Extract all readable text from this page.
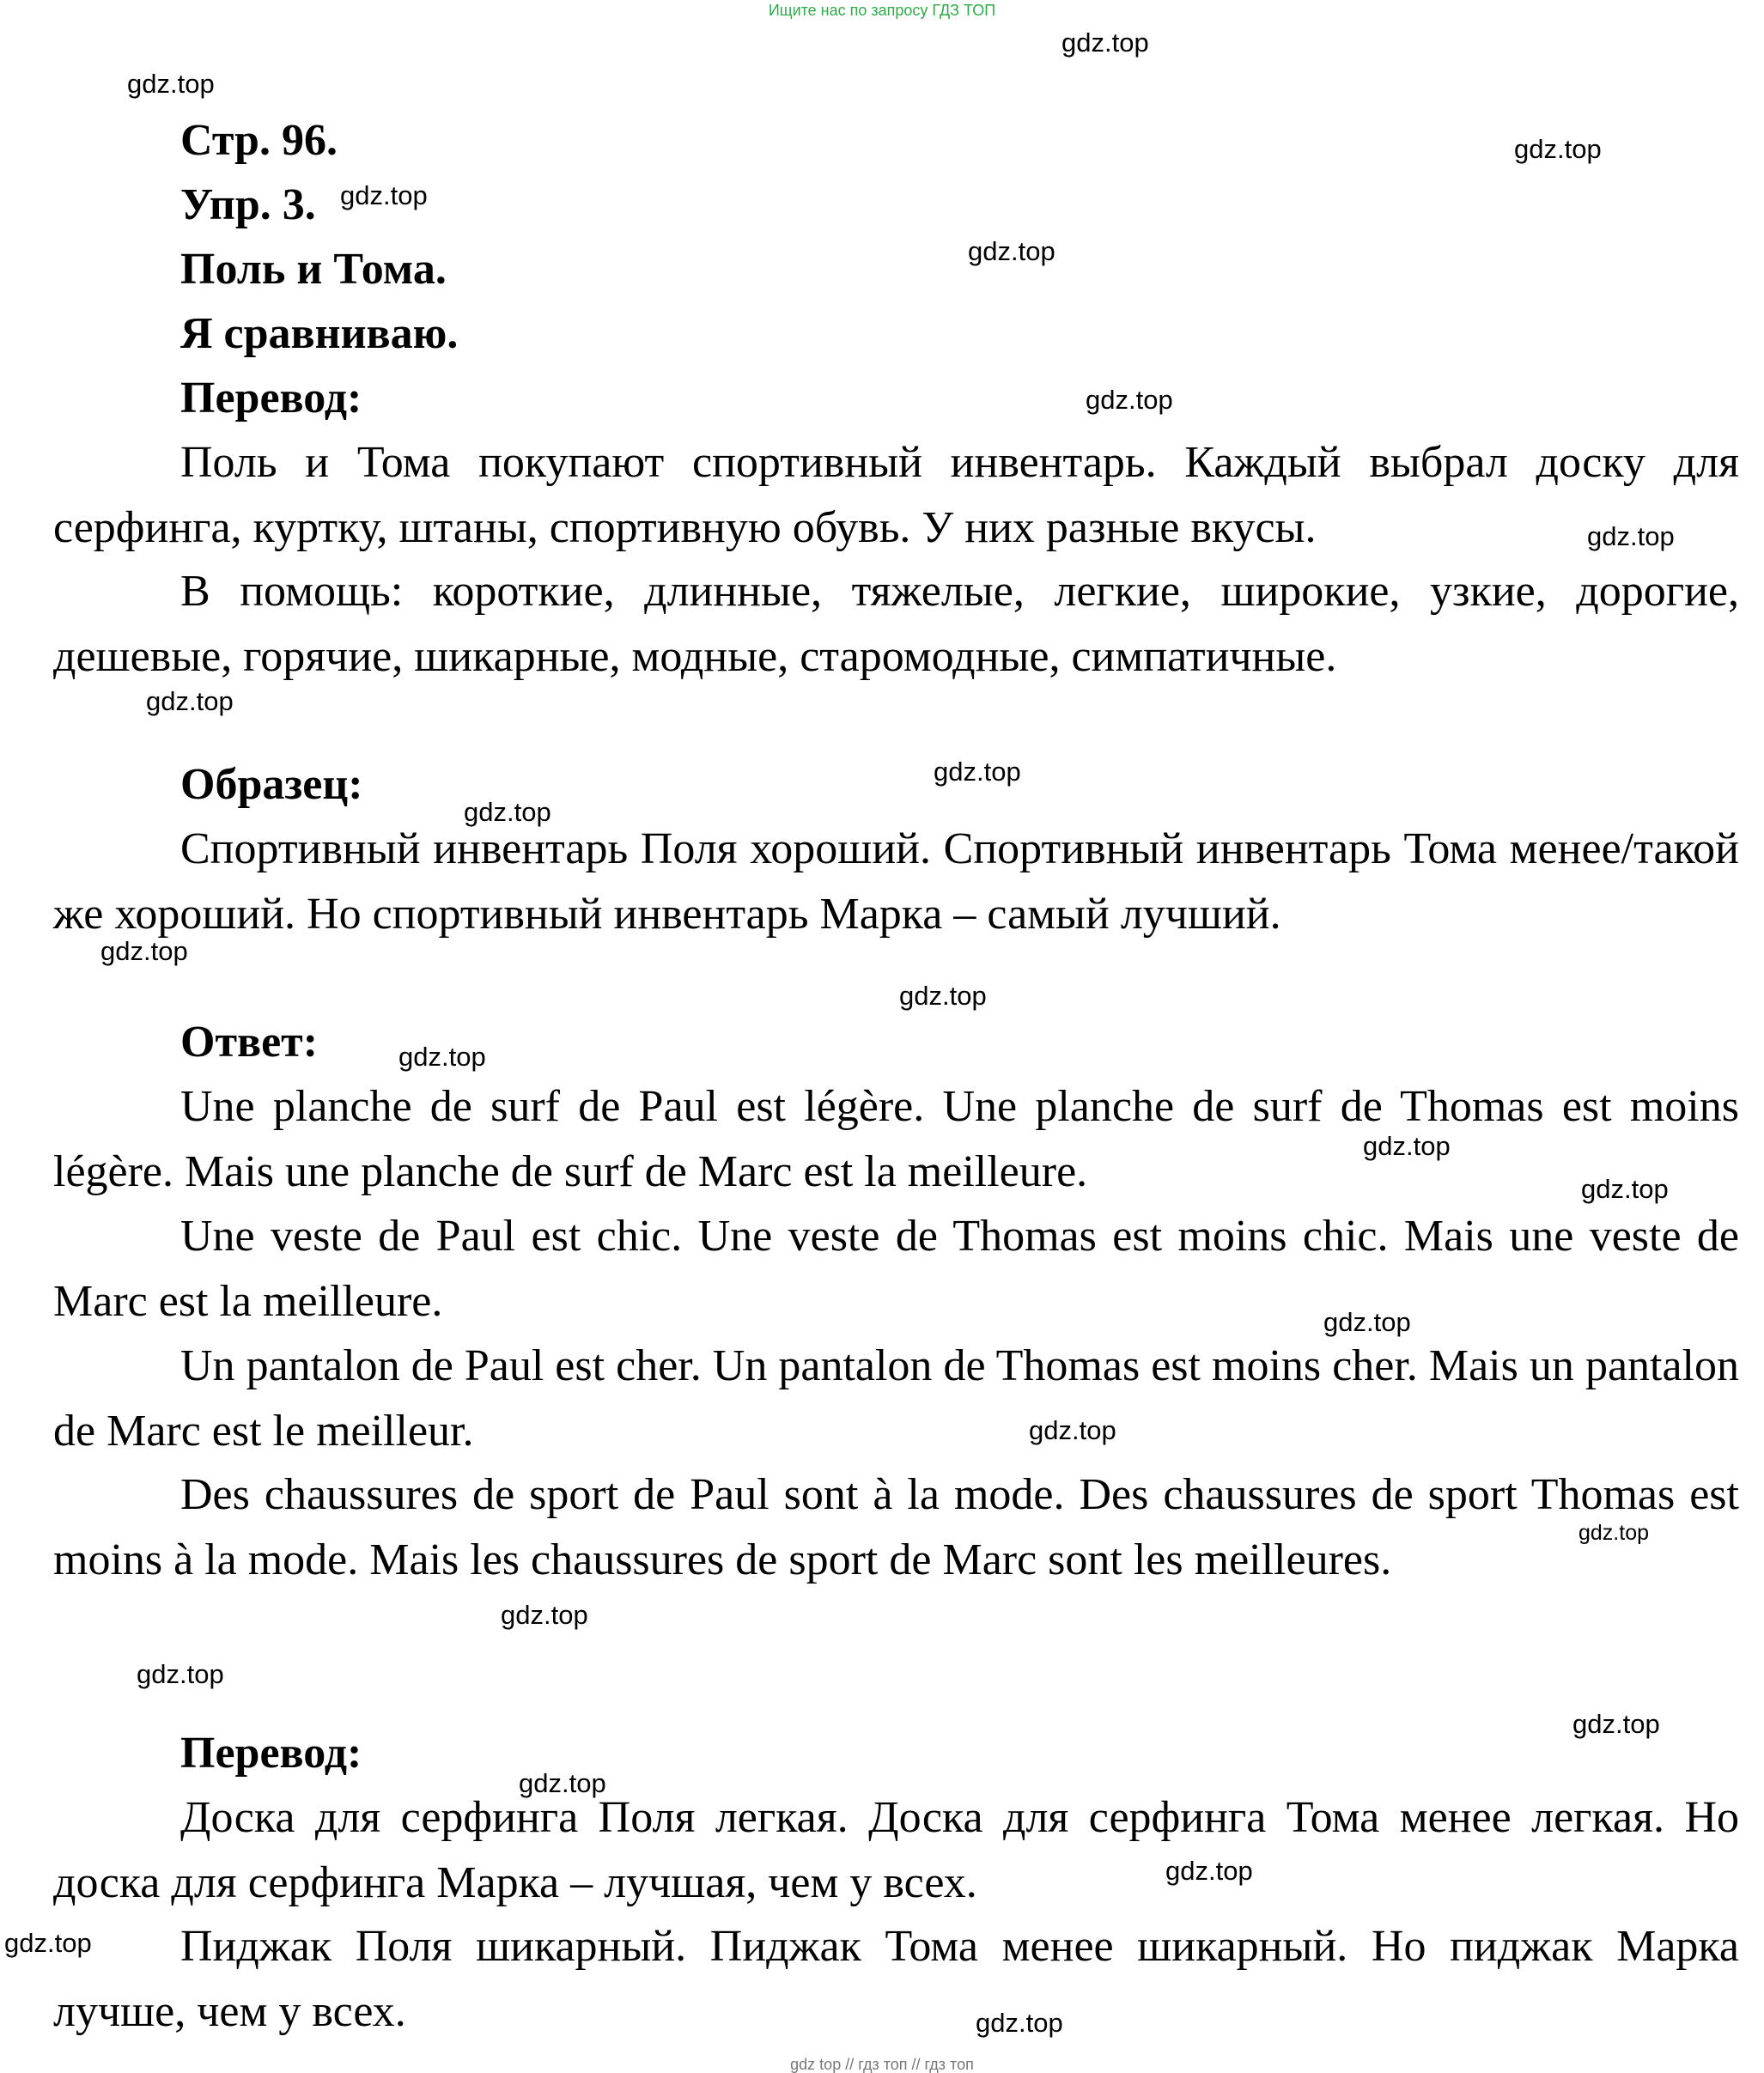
Ищите нас по запросу ГДЗ ТОП
Стр. 96.
Упр. 3.
Поль и Тома.
Я сравниваю.
Перевод:

Поль и Тома покупают спортивный инвентарь. Каждый выбрал доску для серфинга, куртку, штаны, спортивную обувь. У них разные вкусы.

В помощь: короткие, длинные, тяжелые, легкие, широкие, узкие, дорогие, дешевые, горячие, шикарные, модные, старомодные, симпатичные.

Образец:

Спортивный инвентарь Поля хороший. Спортивный инвентарь Тома менее/такой же хороший. Но спортивный инвентарь Марка – самый лучший.

Ответ:

Une planche de surf de Paul est légère. Une planche de surf de Thomas est moins légère. Mais une planche de surf de Marc est la meilleure.

Une veste de Paul est chic. Une veste de Thomas est moins chic. Mais une veste de Marc est la meilleure.

Un pantalon de Paul est cher. Un pantalon de Thomas est moins cher. Mais un pantalon de Marc est le meilleur.

Des chaussures de sport de Paul sont à la mode. Des chaussures de sport Thomas est moins à la mode. Mais les chaussures de sport de Marc sont les meilleures.

Перевод:

Доска для серфинга Поля легкая. Доска для серфинга Тома менее легкая. Но доска для серфинга Марка – лучшая, чем у всех.

Пиджак Поля шикарный. Пиджак Тома менее шикарный. Но пиджак Марка лучше, чем у всех.

gdz.top
gdz.top
gdz.top
gdz.top
gdz.top
gdz.top
gdz.top
gdz.top
gdz.top
gdz.top
gdz.top
gdz.top
gdz.top
gdz.top
gdz.top
gdz.top
gdz.top
gdz.top
gdz.top
gdz.top
gdz.top
gdz.top
gdz.top
gdz.top
gdz.top
gdz top // гдз топ // гдз топ
